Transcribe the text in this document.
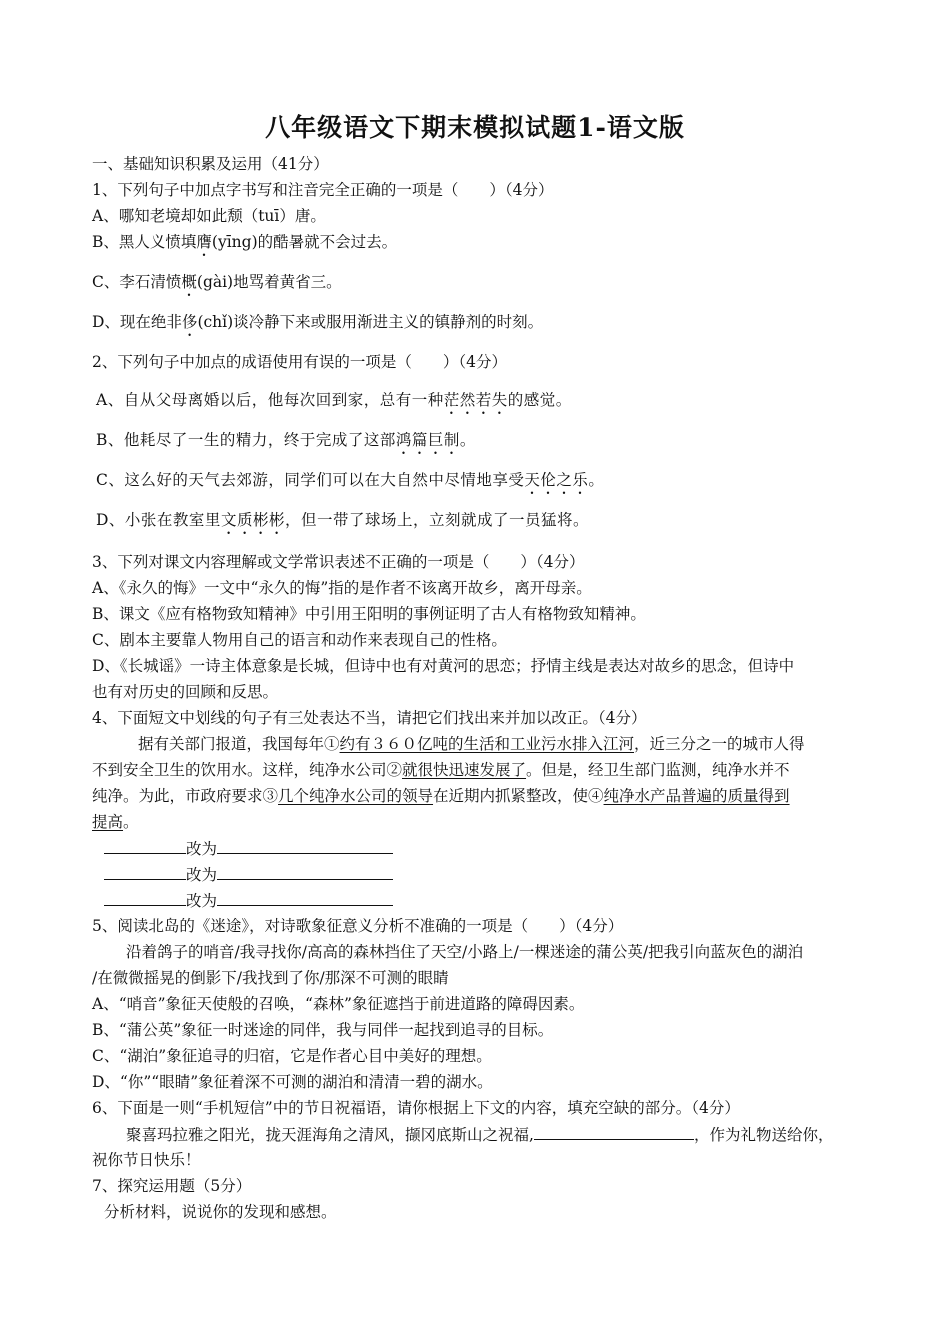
八年级语文下期末模拟试题1-语文版
一、基础知识积累及运用（41分）
1、下列句子中加点字书写和注音完全正确的一项是（　　）（4分）
A、哪知老境却如此颓（tuī）唐。
B、黑人义愤填膺(yīng)的酷暑就不会过去。
C、李石清愤概(gài)地骂着黄省三。
D、现在绝非侈(chǐ)谈冷静下来或服用渐进主义的镇静剂的时刻。
2、下列句子中加点的成语使用有误的一项是（　　）（4分）
A、自从父母离婚以后，他每次回到家，总有一种茫然若失的感觉。
B、他耗尽了一生的精力，终于完成了这部鸿篇巨制。
C、这么好的天气去郊游，同学们可以在大自然中尽情地享受天伦之乐。
D、小张在教室里文质彬彬，但一带了球场上，立刻就成了一员猛将。
3、下列对课文内容理解或文学常识表述不正确的一项是（　　）（4分）
A、《永久的悔》一文中“永久的悔”指的是作者不该离开故乡，离开母亲。
B、课文《应有格物致知精神》中引用王阳明的事例证明了古人有格物致知精神。
C、剧本主要靠人物用自己的语言和动作来表现自己的性格。
D、《长城谣》一诗主体意象是长城，但诗中也有对黄河的思恋；抒情主线是表达对故乡的思念，但诗中
也有对历史的回顾和反思。
4、下面短文中划线的句子有三处表达不当，请把它们找出来并加以改正。（4分）
据有关部门报道，我国每年①约有３６０亿吨的生活和工业污水排入江河，近三分之一的城市人得
不到安全卫生的饮用水。这样，纯净水公司②就很快迅速发展了。但是，经卫生部门监测，纯净水并不
纯净。为此，市政府要求③几个纯净水公司的领导在近期内抓紧整改，使④纯净水产品普遍的质量得到
提高。
改为
改为
改为
5、阅读北岛的《迷途》，对诗歌象征意义分析不准确的一项是（　　）（4分）
沿着鸽子的哨音/我寻找你/高高的森林挡住了天空/小路上/一棵迷途的蒲公英/把我引向蓝灰色的湖泊
/在微微摇晃的倒影下/我找到了你/那深不可测的眼睛
A、“哨音”象征天使般的召唤，“森林”象征遮挡于前进道路的障碍因素。
B、“蒲公英”象征一时迷途的同伴，我与同伴一起找到追寻的目标。
C、“湖泊”象征追寻的归宿，它是作者心目中美好的理想。
D、“你”“眼睛”象征着深不可测的湖泊和清清一碧的湖水。
6、下面是一则“手机短信”中的节日祝福语，请你根据上下文的内容，填充空缺的部分。（4分）
聚喜玛拉雅之阳光，拢天涯海角之清风，撷冈底斯山之祝福,	，作为礼物送给你，
祝你节日快乐！
7、探究运用题（5分）
分析材料，说说你的发现和感想。
